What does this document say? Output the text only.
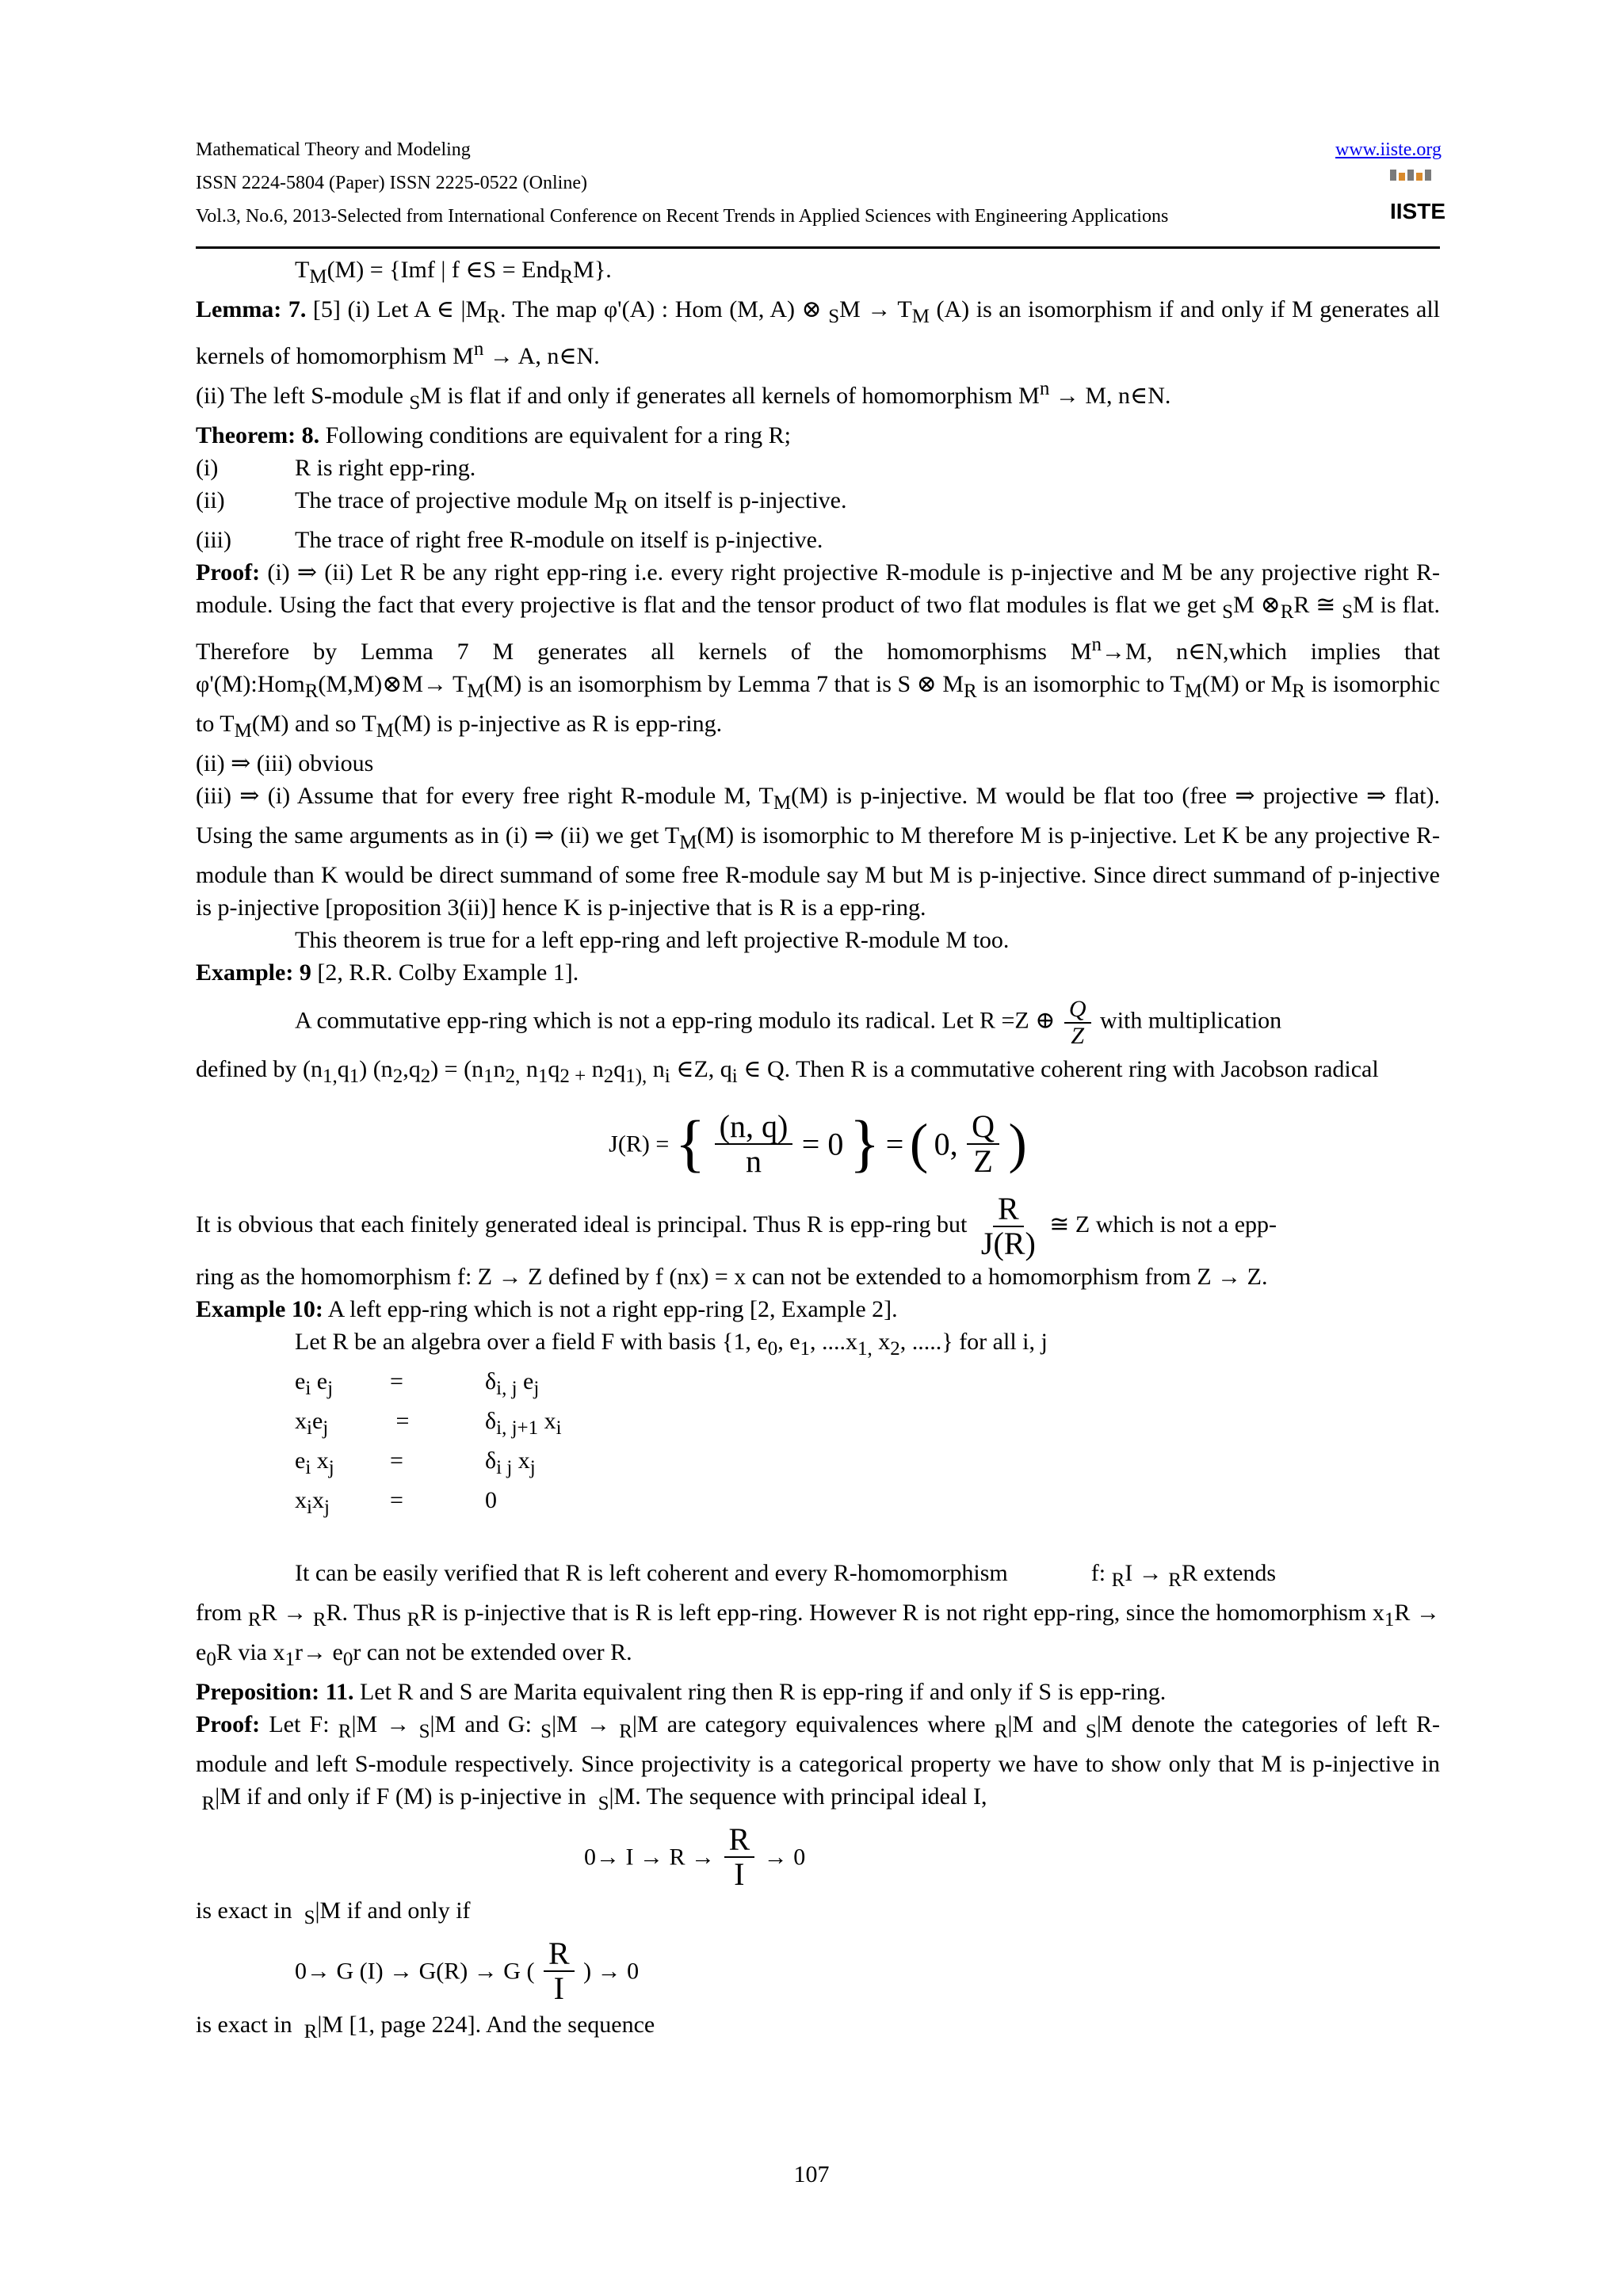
Mathematical Theory and Modeling
ISSN 2224-5804 (Paper) ISSN 2225-0522 (Online)
Vol.3, No.6, 2013-Selected from International Conference on Recent Trends in Applied Sciences with Engineering Applications
www.iiste.org
IISTE

$T_M(M) = \{Imf$ | f ∈S = End$_R$M}.

Lemma: 7. [5] (i) Let A ∈ $|M_R$. The map φ'(A) : Hom (M, A) ⊗ $_SM \to T_M$ (A) is an isomorphism if and only if M generates all kernels of homomorphism $M^n \to A$, n∈N.

(ii) The left S-module $_S$M is flat if and only if generates all kernels of homomorphism $M^n \to M$, n∈N.

Theorem: 8. Following conditions are equivalent for a ring R;

(i)	R is right epp-ring.
(ii)	The trace of projective module $M_R$ on itself is p-injective.
(iii)	The trace of right free R-module on itself is p-injective.

Proof: (i) ⇒ (ii) Let R be any right epp-ring i.e. every right projective R-module is p-injective and M be any projective right R-module. Using the fact that every projective is flat and the tensor product of two flat modules is flat we get $_S$M $\otimes_RR$ ≅ $_S$M is flat. Therefore by Lemma 7 M generates all kernels of the homomorphisms $M^n\to M$, n∈N,which implies that φ'(M):Hom$_R$(M,M)⊗M→ $T_M(M)$ is an isomorphism by Lemma 7 that is S ⊗ $M_R$ is an isomorphic to $T_M(M)$ or $M_R$ is isomorphic to $T_M(M)$ and so $T_M(M)$ is p-injective as R is epp-ring.

(ii) ⇒ (iii) obvious

(iii) ⇒ (i) Assume that for every free right R-module M, $T_M(M)$ is p-injective. M would be flat too (free ⇒ projective ⇒ flat). Using the same arguments as in (i) ⇒ (ii) we get $T_M(M)$ is isomorphic to M therefore M is p-injective. Let K be any projective R-module than K would be direct summand of some free R-module say M but M is p-injective. Since direct summand of p-injective is p-injective [proposition 3(ii)] hence K is p-injective that is R is a epp-ring.

This theorem is true for a left epp-ring and left projective R-module M too.

Example: 9 [2, R.R. Colby Example 1].

A commutative epp-ring which is not a epp-ring modulo its radical. Let R =Z ⊕ $\frac{Q}{Z}$ with multiplication

defined by $(n_{1,}q_1) (n_2,q_2) = (n_1n_{2,}$ $n_1q_{2 +}$ $n_2q_{1),}$ $n_i$ ∈Z, $q_i$ ∈ Q. Then R is a commutative coherent ring with Jacobson radical

J(R) = { $\frac{(n, q)}{n} = 0$ } = ( 0, $\frac{Q}{Z}$ )

It is obvious that each finitely generated ideal is principal. Thus R is epp-ring but $\frac{R}{J(R)}$ ≅ Z which is not a epp-

ring as the homomorphism f: Z → Z defined by f (nx) = x can not be extended to a homomorphism from Z → Z.

Example 10: A left epp-ring which is not a right epp-ring [2, Example 2].

Let R be an algebra over a field F with basis {1, $e_0$, $e_1$, $....x_{1,}$ $x_2$, .....} for all i, j

$e_i$ $e_j$	=	$\delta_{i, j}$ $e_j$
$x_ie_j$	=	$\delta_{i, j+1}$ $x_i$
$e_i$ $x_j$	=	$\delta_{i j}$ $x_j$
$x_ix_j$	=	0

It can be easily verified that R is left coherent and every R-homomorphism	f: $_R$I → $_R$R extends

from $_R$R → $_R$R. Thus $_R$R is p-injective that is R is left epp-ring. However R is not right epp-ring, since the homomorphism $x_1R \to e_0R$ via $x_1r\to e_0r$ can not be extended over R.

Preposition: 11. Let R and S are Marita equivalent ring then R is epp-ring if and only if S is epp-ring.

Proof: Let F: $_R$|M → $_S$|M and G: $_S$|M → $_R$|M are category equivalences where $_R$|M and $_S$|M denote the categories of left R-module and left S-module respectively. Since projectivity is a categorical property we have to show only that M is p-injective in  $_R$|M if and only if F (M) is p-injective in  $_S$|M. The sequence with principal ideal I,

$0\to I \to R \to \frac{R}{I} \to 0$

is exact in  $_S$|M if and only if

0→ G (I) → G(R) → G ( $\frac{R}{I}$ ) → 0

is exact in  $_R$|M [1, page 224]. And the sequence

107
